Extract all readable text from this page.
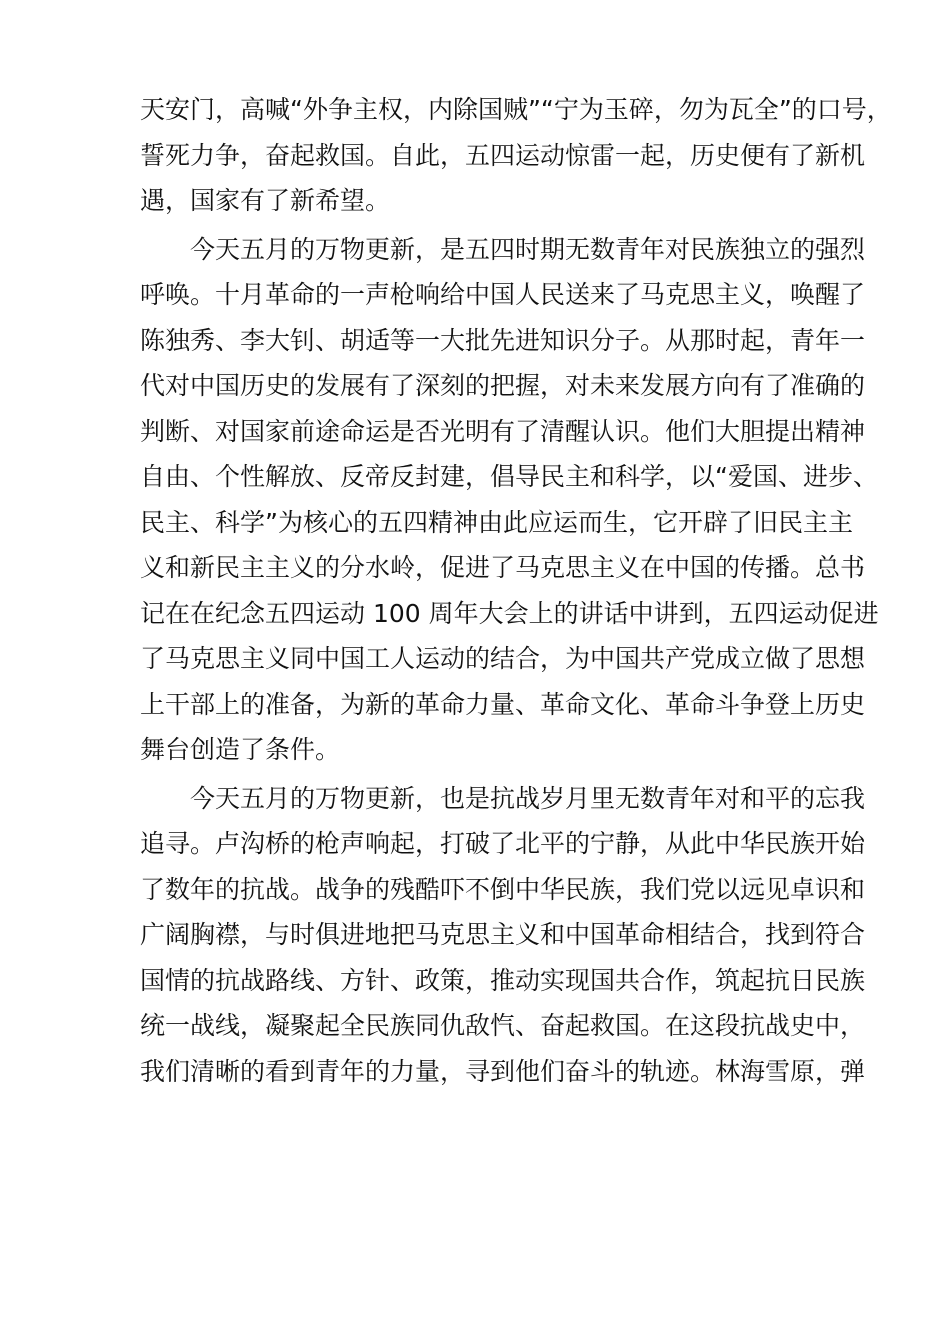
天安门，高喊“外争主权，内除国贼”“宁为玉碎，勿为瓦全”的口号，
誓死力争，奋起救国。自此，五四运动惊雷一起，历史便有了新机
遇，国家有了新希望。
　　今天五月的万物更新，是五四时期无数青年对民族独立的强烈
呼唤。十月革命的一声枪响给中国人民送来了马克思主义，唤醒了
陈独秀、李大钊、胡适等一大批先进知识分子。从那时起，青年一
代对中国历史的发展有了深刻的把握，对未来发展方向有了准确的
判断、对国家前途命运是否光明有了清醒认识。他们大胆提出精神
自由、个性解放、反帝反封建，倡导民主和科学，以“爱国、进步、
民主、科学”为核心的五四精神由此应运而生，它开辟了旧民主主
义和新民主主义的分水岭，促进了马克思主义在中国的传播。总书
记在在纪念五四运动 100 周年大会上的讲话中讲到，五四运动促进
了马克思主义同中国工人运动的结合，为中国共产党成立做了思想
上干部上的准备，为新的革命力量、革命文化、革命斗争登上历史
舞台创造了条件。
　　今天五月的万物更新，也是抗战岁月里无数青年对和平的忘我
追寻。卢沟桥的枪声响起，打破了北平的宁静，从此中华民族开始
了数年的抗战。战争的残酷吓不倒中华民族，我们党以远见卓识和
广阔胸襟，与时俱进地把马克思主义和中国革命相结合，找到符合
国情的抗战路线、方针、政策，推动实现国共合作，筑起抗日民族
统一战线，凝聚起全民族同仇敌忾、奋起救国。在这段抗战史中，
我们清晰的看到青年的力量，寻到他们奋斗的轨迹。林海雪原，弹
